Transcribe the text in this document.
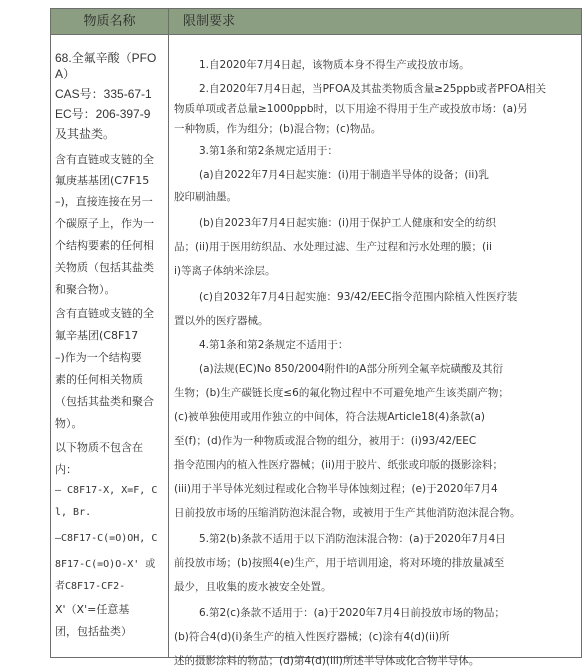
物质名称	限制要求
68.全氟辛酸（PFO
A）
CAS号：335-67-1
EC号：206-397-9
及其盐类。
含有直链或支链的全
氟庚基基团(C7F15
–)，直接连接在另一
个碳原子上，作为一
个结构要素的任何相
关物质（包括其盐类
和聚合物）。
含有直链或支链的全
氟辛基团(C8F17
–)作为一个结构要
素的任何相关物质
（包括其盐类和聚合
物）。
以下物质不包含在
内：
— C8F17-X, X=F, C
l, Br.
—C8F17-C(=O)OH, C
8F17-C(=O)O-X' 或
者C8F17-CF2-
X'（X'=任意基
团，包括盐类）
1.自2020年7月4日起，该物质本身不得生产或投放市场。
2.自2020年7月4日起，当PFOA及其盐类物质含量≥25ppb或者PFOA相关
物质单项或者总量≥1000ppb时，以下用途不得用于生产或投放市场：(a)另
一种物质，作为组分；(b)混合物；(c)物品。
3.第1条和第2条规定适用于：
(a)自2022年7月4日起实施：(i)用于制造半导体的设备；(ii)乳
胶印刷油墨。
(b)自2023年7月4日起实施：(i)用于保护工人健康和安全的纺织
品；(ii)用于医用纺织品、水处理过滤、生产过程和污水处理的膜；(ii
i)等离子体纳米涂层。
(c)自2032年7月4日起实施：93/42/EEC指令范围内除植入性医疗装
置以外的医疗器械。
4.第1条和第2条规定不适用于：
(a)法规(EC)No 850/2004附件I的A部分所列全氟辛烷磺酸及其衍
生物；(b)生产碳链长度≤6的氟化物过程中不可避免地产生该类副产物；
(c)被单独使用或用作独立的中间体，符合法规Article18(4)条款(a)
至(f)；(d)作为一种物质或混合物的组分，被用于：(i)93/42/EEC
指令范围内的植入性医疗器械；(ii)用于胶片、纸张或印版的摄影涂料；
(iii)用于半导体光刻过程或化合物半导体蚀刻过程；(e)于2020年7月4
日前投放市场的压缩消防泡沫混合物，或被用于生产其他消防泡沫混合物。
5.第2(b)条款不适用于以下消防泡沫混合物：(a)于2020年7月4日
前投放市场；(b)按照4(e)生产，用于培训用途，将对环境的排放量减至
最少，且收集的废水被安全处置。
6.第2(c)条款不适用于：(a)于2020年7月4日前投放市场的物品；
(b)符合4(d)(i)条生产的植入性医疗器械；(c)涂有4(d)(ii)所
述的摄影涂料的物品；(d)第4(d)(iii)所述半导体或化合物半导体。
